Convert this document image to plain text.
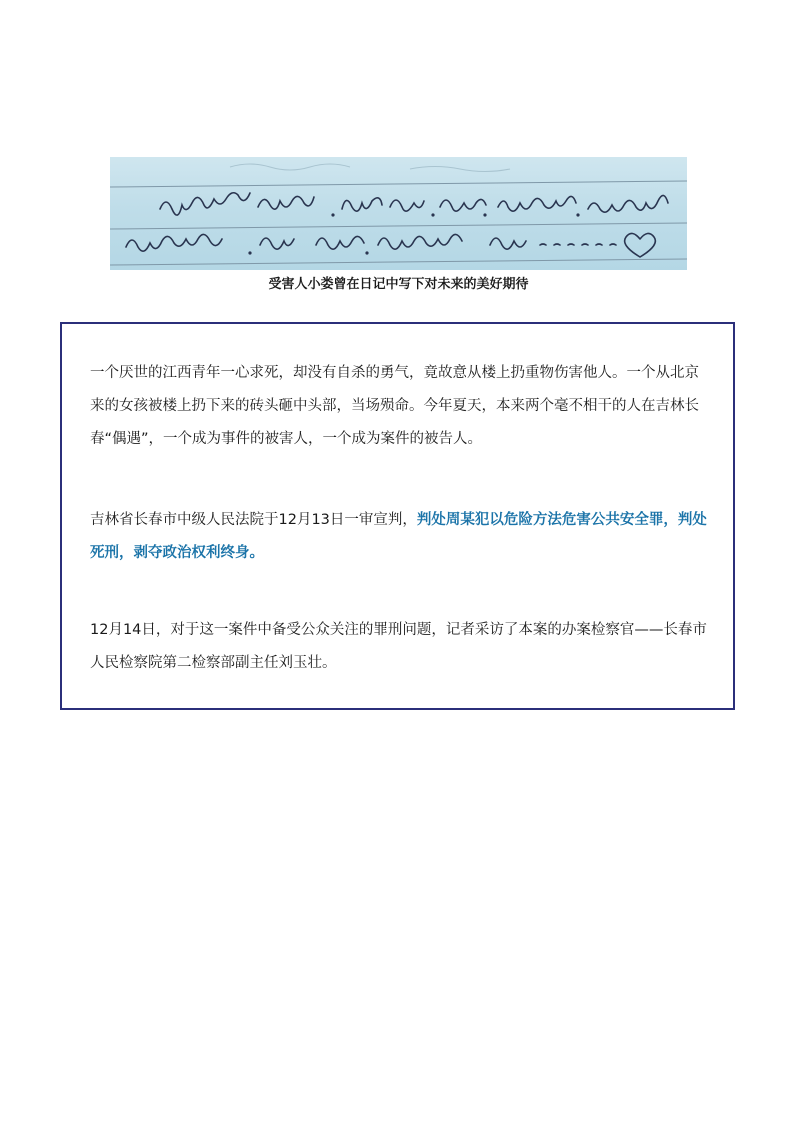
受害人小娄曾在日记中写下对未来的美好期待

一个厌世的江西青年一心求死，却没有自杀的勇气，竟故意从楼上扔重物伤害他人。一个从北京来的女孩被楼上扔下来的砖头砸中头部，当场殒命。今年夏天，本来两个毫不相干的人在吉林长春“偶遇”，一个成为事件的被害人，一个成为案件的被告人。

吉林省长春市中级人民法院于12月13日一审宣判，判处周某犯以危险方法危害公共安全罪，判处死刑，剥夺政治权利终身。

12月14日，对于这一案件中备受公众关注的罪刑问题，记者采访了本案的办案检察官——长春市人民检察院第二检察部副主任刘玉壮。
